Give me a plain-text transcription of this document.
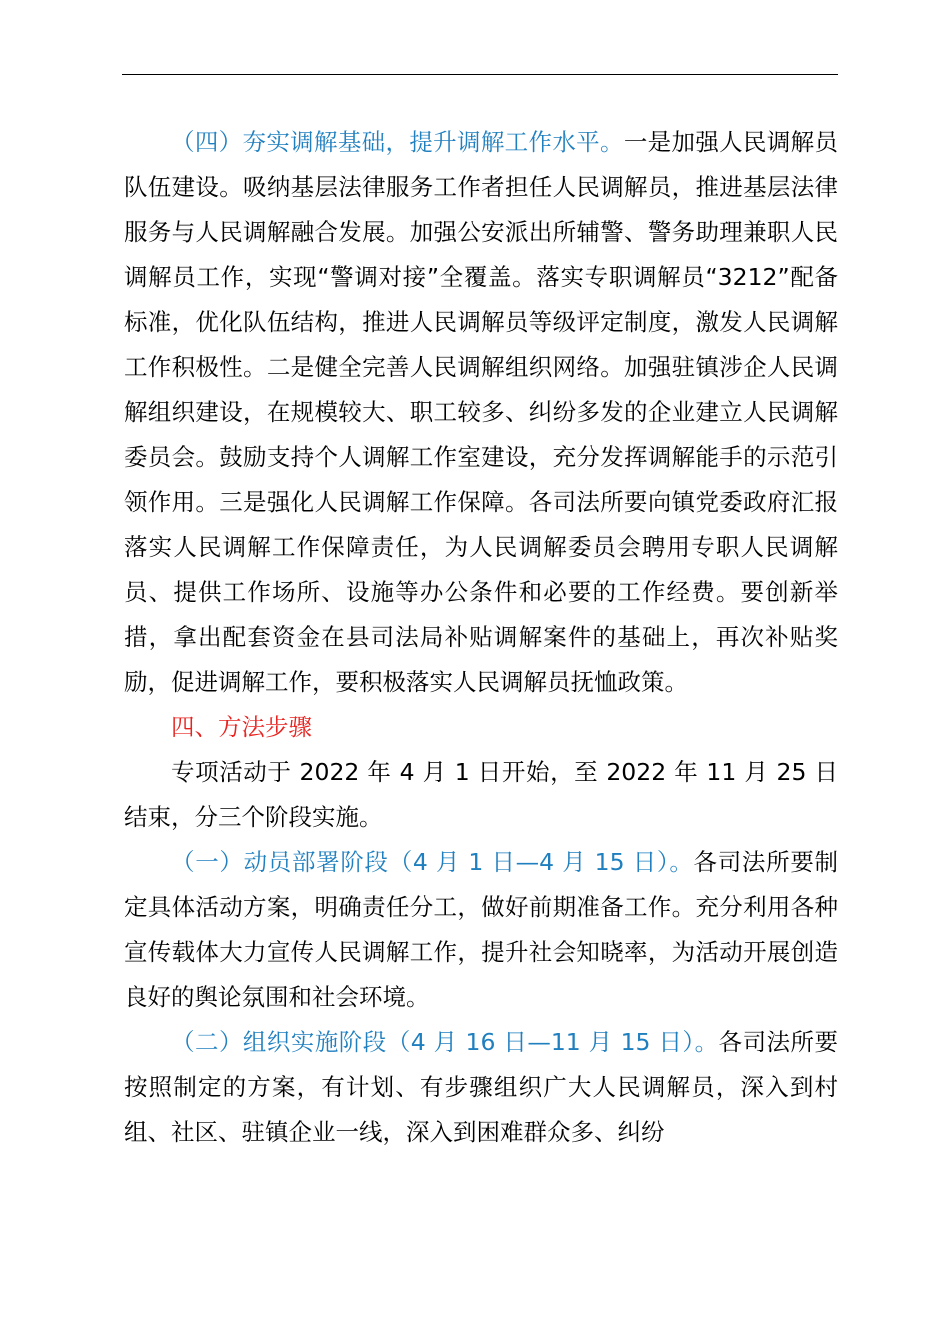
（四）夯实调解基础，提升调解工作水平。一是加强人民调解员队伍建设。吸纳基层法律服务工作者担任人民调解员，推进基层法律服务与人民调解融合发展。加强公安派出所辅警、警务助理兼职人民调解员工作，实现“警调对接”全覆盖。落实专职调解员“3212”配备标准，优化队伍结构，推进人民调解员等级评定制度，激发人民调解工作积极性。二是健全完善人民调解组织网络。加强驻镇涉企人民调解组织建设，在规模较大、职工较多、纠纷多发的企业建立人民调解委员会。鼓励支持个人调解工作室建设，充分发挥调解能手的示范引领作用。三是强化人民调解工作保障。各司法所要向镇党委政府汇报落实人民调解工作保障责任，为人民调解委员会聘用专职人民调解员、提供工作场所、设施等办公条件和必要的工作经费。要创新举措，拿出配套资金在县司法局补贴调解案件的基础上，再次补贴奖励，促进调解工作，要积极落实人民调解员抚恤政策。

四、方法步骤

专项活动于 2022 年 4 月 1 日开始，至 2022 年 11 月 25 日结束，分三个阶段实施。

（一）动员部署阶段（4 月 1 日—4 月 15 日）。各司法所要制定具体活动方案，明确责任分工，做好前期准备工作。充分利用各种宣传载体大力宣传人民调解工作，提升社会知晓率，为活动开展创造良好的舆论氛围和社会环境。

（二）组织实施阶段（4 月 16 日—11 月 15 日）。各司法所要按照制定的方案，有计划、有步骤组织广大人民调解员，深入到村组、社区、驻镇企业一线，深入到困难群众多、纠纷
